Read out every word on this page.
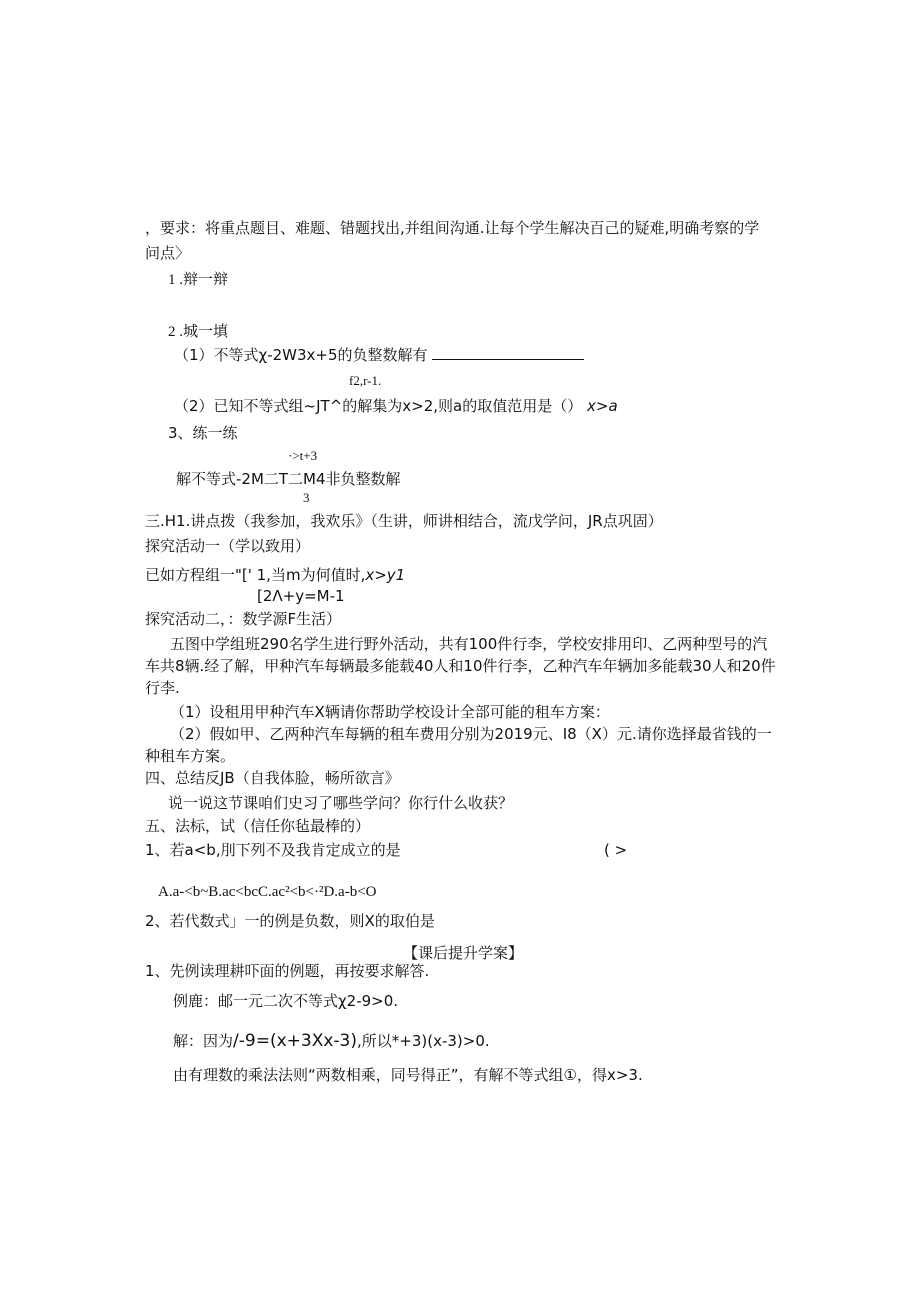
，要求：将重点题目、难题、错题找出,并组间沟通.让每个学生解决百己的疑难,明确考察的学
问点〉
1 .辩一辩
2 .城一填
（1）不等式χ-2W3x+5的负整数解有
f2,r-1.
（2）已知不等式组~JT^的解集为x>2,则a的取值范用是（） x>a
3、练一练
·>t+3
解不等式-2M二T二M4非负整数解
3
三.H1.讲点拨（我参加，我欢乐》（生讲，师讲相结合，流戊学问，JR点巩固）
探究活动一（学以致用）
已如方程组一"[' 1,当m为何值时,x>y1
[2Λ+y=M-1
探究活动二，：数学源F生活）
五图中学组班290名学生进行野外活动，共有100件行李，学校安排用印、乙两种型号的汽
车共8辆.经了解，甲种汽车每辆最多能载40人和10件行李，乙种汽车年辆加多能载30人和20件
行李.
（1）设租用甲种汽车X辆请你帮助学校设计全部可能的租车方案：
（2）假如甲、乙两种汽车每辆的租车费用分别为2019元、I8（X）元.请你选择最省钱的一
种租车方案。
四、总结反JB（自我体脸，畅所欲言》
说一说这节课咱们史习了哪些学问？你行什么收获？
五、法标，试（信任你毡最棒的）
1、若a<b,刖下列不及我肯定成立的是	( >
A.a-<b~B.ac<bcC.ac²<b<·²D.a-b<O
2、若代数式」一的例是负数，则X的取伯是
【课后提升学案】
1、先例读理耕吓面的例题，再按要求解答.
例鹿：邮一元二次不等式χ2-9>0.
解：因为/-9=(x+3Xx-3),所以*+3)(x-3)>0.
由有理数的乘法法则“两数相乘，同号得正”，有解不等式组①，得x>3.
